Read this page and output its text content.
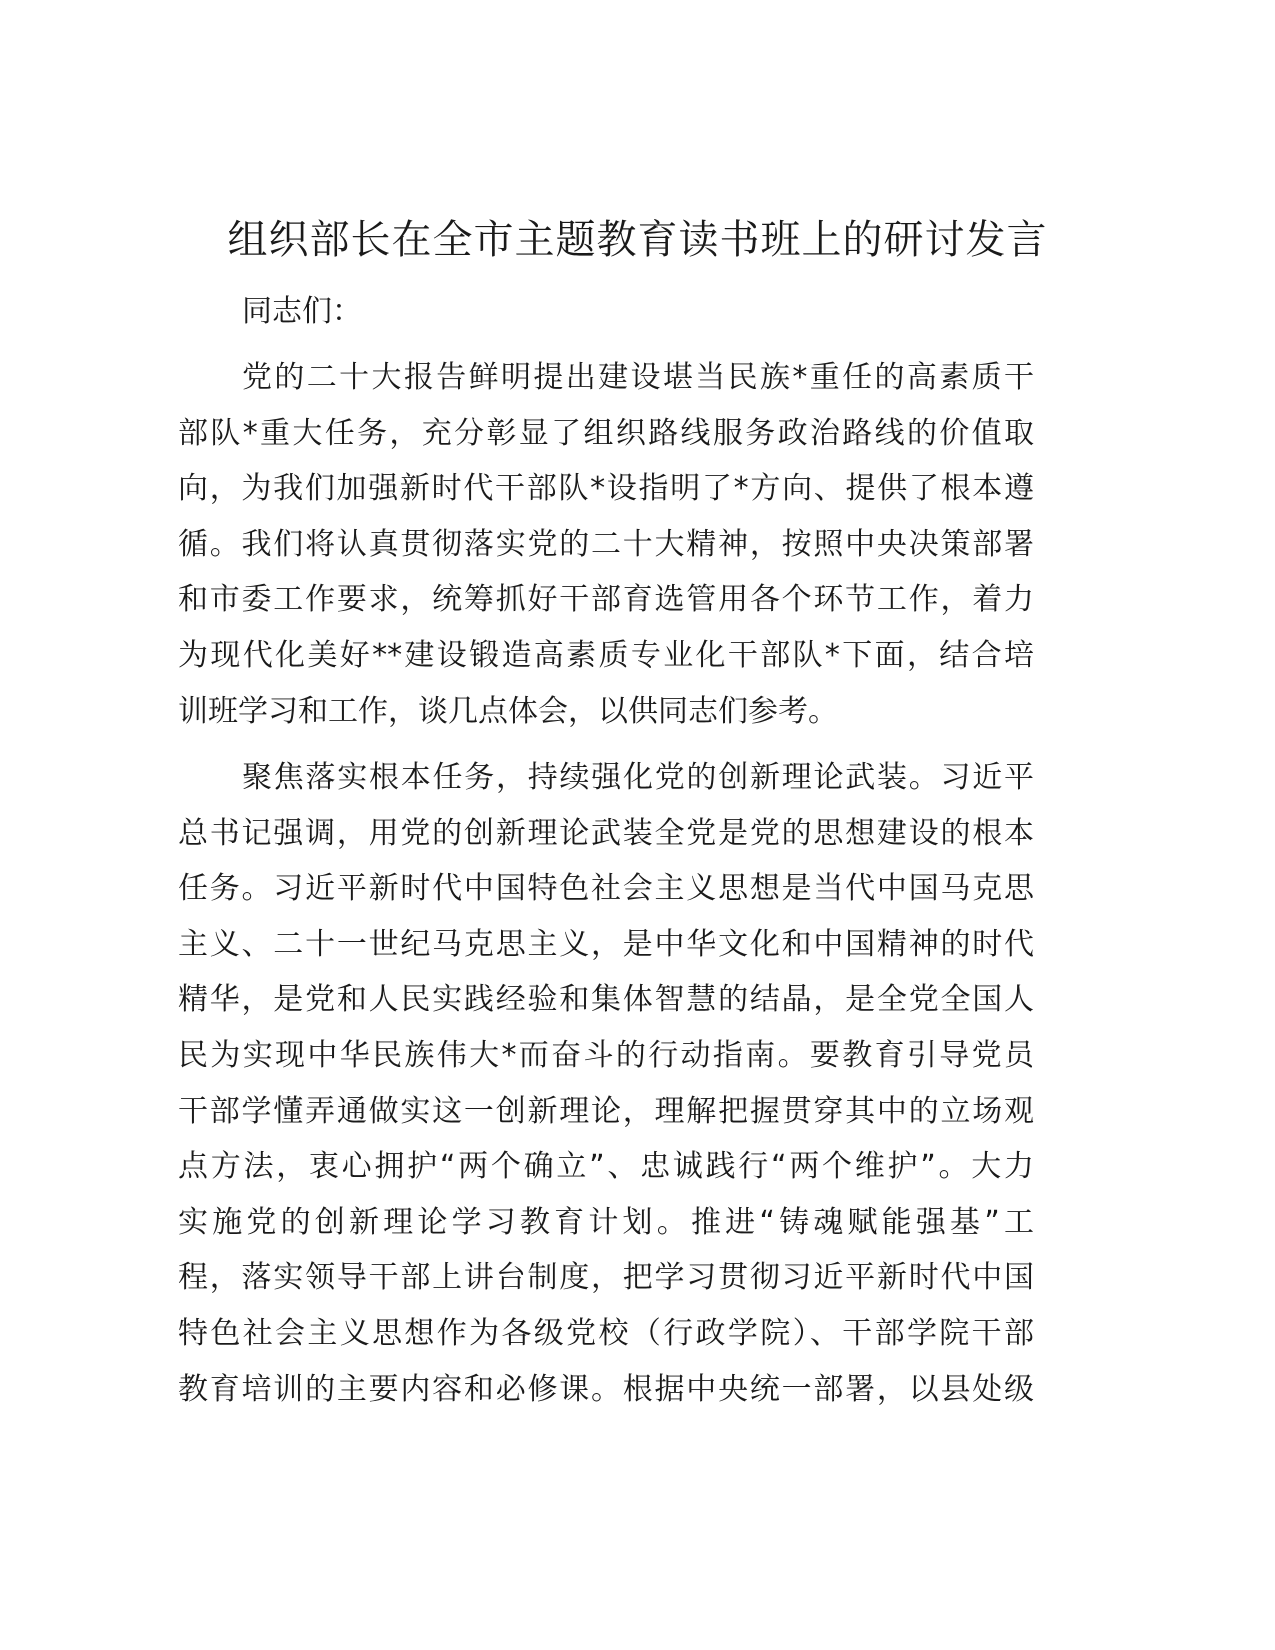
组织部长在全市主题教育读书班上的研讨发言
同志们：
党的二十大报告鲜明提出建设堪当民族*重任的高素质干
部队*重大任务，充分彰显了组织路线服务政治路线的价值取
向，为我们加强新时代干部队*设指明了*方向、提供了根本遵
循。我们将认真贯彻落实党的二十大精神，按照中央决策部署
和市委工作要求，统筹抓好干部育选管用各个环节工作，着力
为现代化美好**建设锻造高素质专业化干部队*下面，结合培
训班学习和工作，谈几点体会，以供同志们参考。
聚焦落实根本任务，持续强化党的创新理论武装。习近平
总书记强调，用党的创新理论武装全党是党的思想建设的根本
任务。习近平新时代中国特色社会主义思想是当代中国马克思
主义、二十一世纪马克思主义，是中华文化和中国精神的时代
精华，是党和人民实践经验和集体智慧的结晶，是全党全国人
民为实现中华民族伟大*而奋斗的行动指南。要教育引导党员
干部学懂弄通做实这一创新理论，理解把握贯穿其中的立场观
点方法，衷心拥护“两个确立”、忠诚践行“两个维护”。大力
实施党的创新理论学习教育计划。推进“铸魂赋能强基”工
程，落实领导干部上讲台制度，把学习贯彻习近平新时代中国
特色社会主义思想作为各级党校（行政学院）、干部学院干部
教育培训的主要内容和必修课。根据中央统一部署，以县处级
